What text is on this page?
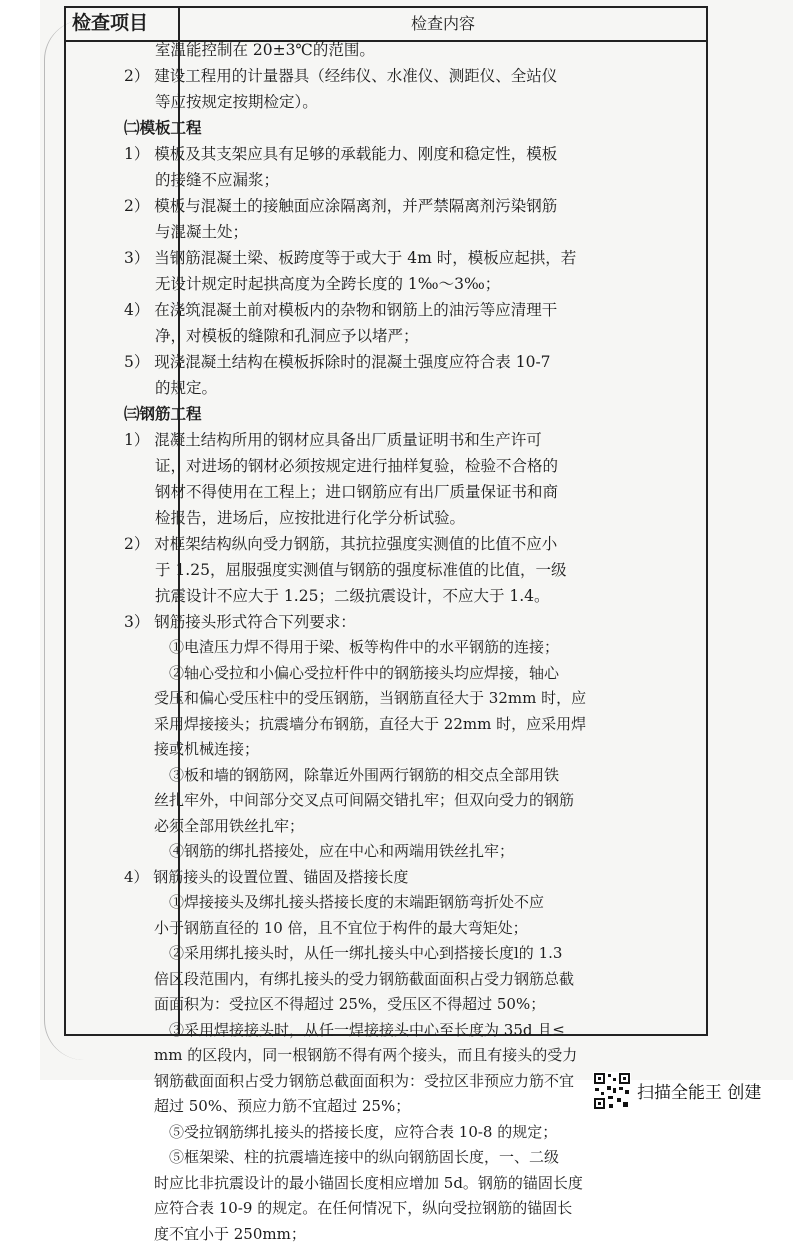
检查项目	检查内容
　　室温能控制在 20±3℃的范围。
2） 建设工程用的计量器具（经纬仪、水准仪、测距仪、全站仪
　　等应按规定按期检定）。
㈡模板工程
1） 模板及其支架应具有足够的承载能力、刚度和稳定性，模板
　　的接缝不应漏浆；
2） 模板与混凝土的接触面应涂隔离剂，并严禁隔离剂污染钢筋
　　与混凝土处；
3） 当钢筋混凝土梁、板跨度等于或大于 4m 时，模板应起拱，若
　　无设计规定时起拱高度为全跨长度的 1‰～3‰；
4） 在浇筑混凝土前对模板内的杂物和钢筋上的油污等应清理干
　　净，对模板的缝隙和孔洞应予以堵严；
5） 现浇混凝土结构在模板拆除时的混凝土强度应符合表 10-7
　　的规定。
㈢钢筋工程
1） 混凝土结构所用的钢材应具备出厂质量证明书和生产许可
　　证，对进场的钢材必须按规定进行抽样复验，检验不合格的
　　钢材不得使用在工程上；进口钢筋应有出厂质量保证书和商
　　检报告，进场后，应按批进行化学分析试验。
2） 对框架结构纵向受力钢筋，其抗拉强度实测值的比值不应小
　　于 1.25，屈服强度实测值与钢筋的强度标准值的比值，一级
　　抗震设计不应大于 1.25；二级抗震设计，不应大于 1.4。
3） 钢筋接头形式符合下列要求：
　　　①电渣压力焊不得用于梁、板等构件中的水平钢筋的连接；
　　　②轴心受拉和小偏心受拉杆件中的钢筋接头均应焊接，轴心
　　受压和偏心受压柱中的受压钢筋，当钢筋直径大于 32mm 时，应
　　采用焊接接头；抗震墙分布钢筋，直径大于 22mm 时，应采用焊
　　接或机械连接；
　　　③板和墙的钢筋网，除靠近外围两行钢筋的相交点全部用铁
　　丝扎牢外，中间部分交叉点可间隔交错扎牢；但双向受力的钢筋
　　必须全部用铁丝扎牢；
　　　④钢筋的绑扎搭接处，应在中心和两端用铁丝扎牢；
4） 钢筋接头的设置位置、锚固及搭接长度
　　　①焊接接头及绑扎接头搭接长度的末端距钢筋弯折处不应
　　小于钢筋直径的 10 倍，且不宜位于构件的最大弯矩处；
　　　②采用绑扎接头时，从任一绑扎接头中心到搭接长度l的 1.3
　　倍区段范围内，有绑扎接头的受力钢筋截面面积占受力钢筋总截
　　面面积为：受拉区不得超过 25%，受压区不得超过 50%；
　　　③采用焊接接头时，从任一焊接接头中心至长度为 35d 且≤
　　mm 的区段内，同一根钢筋不得有两个接头，而且有接头的受力
　　钢筋截面面积占受力钢筋总截面面积为：受拉区非预应力筋不宜
　　超过 50%、预应力筋不宜超过 25%；
　　　⑤受拉钢筋绑扎接头的搭接长度，应符合表 10-8 的规定；
　　　⑤框架梁、柱的抗震墙连接中的纵向钢筋固长度，一、二级
　　时应比非抗震设计的最小锚固长度相应增加 5d。钢筋的锚固长度
　　应符合表 10-9 的规定。在任何情况下，纵向受拉钢筋的锚固长
　　度不宜小于 250mm；
扫描全能王 创建
